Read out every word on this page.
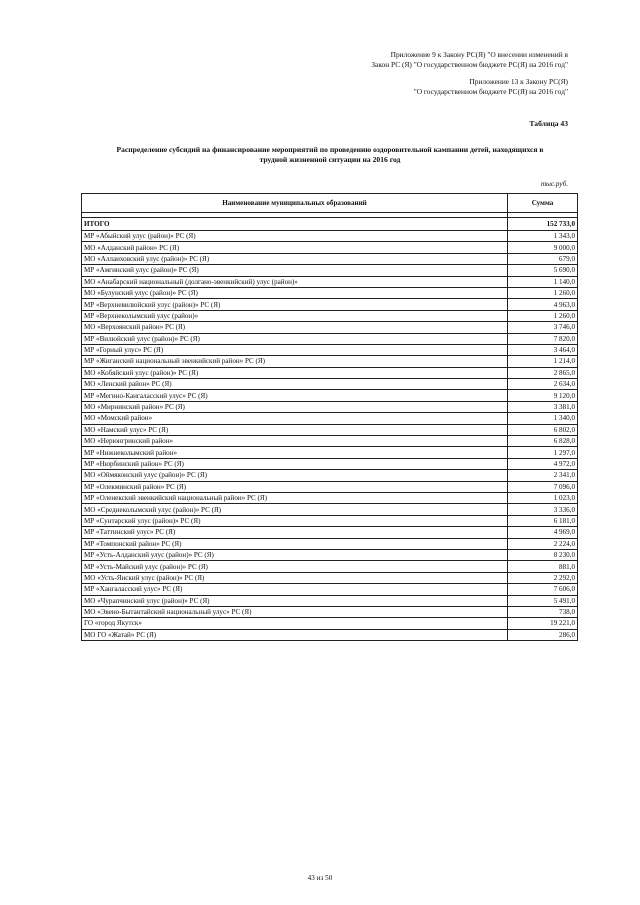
Приложение 9 к Закону РС(Я) "О внесении изменений в
Закон РС (Я) "О государственном бюджете РС(Я) на 2016 год"
Приложение 13 к Закону РС(Я)
"О государственном бюджете РС(Я) на 2016 год"
Таблица 43
Распределение субсидий на финансирование мероприятий по проведению оздоровительной кампании детей, находящихся в
трудной жизненной ситуации на 2016 год
тыс.руб.
Наименование муниципальных образований	Сумма

ИТОГО	152 733,0
МР «Абыйский улус (район)» РС (Я)	1 343,0
МО «Алданский район» РС (Я)	9 000,0
МО «Аллаиховский улус (район)» РС (Я)	679,0
МР «Амгинский улус (район)» РС (Я)	5 690,0
МО «Анабарский национальный (долгано-эвенкийский) улус (район)»	1 140,0
МО «Булунский улус (район)» РС (Я)	1 260,0
МР «Верхневилюйский улус (район)» РС (Я)	4 963,0
МР «Верхнеколымский улус (район)»	1 260,0
МО «Верхоянский район» РС (Я)	3 746,0
МР «Вилюйский улус (район)» РС (Я)	7 820,0
МР «Горный улус» РС (Я)	3 464,0
МР «Жиганский национальный эвенкийский район» РС (Я)	1 214,0
МО «Кобяйский улус (район)» РС (Я)	2 865,0
МО «Ленский район» РС (Я)	2 634,0
МР «Мегино-Кангаласский улус» РС (Я)	9 120,0
МО «Мирнинский район» РС (Я)	3 381,0
МО «Момский район»	1 340,0
МО «Намский улус» РС (Я)	6 802,0
МО «Нерюнгринский район»	6 828,0
МР «Нижнеколымский район»	1 297,0
МР «Нюрбинский район» РС (Я)	4 972,0
МО «Оймяконский улус (район)» РС (Я)	2 341,0
МР «Олекминский район» РС (Я)	7 096,0
МР «Оленекский эвенкийский национальный район» РС (Я)	1 023,0
МО «Среднеколымский улус (район)» РС (Я)	3 336,0
МР «Сунтарский улус (район)» РС (Я)	6 181,0
МР «Таттинский улус» РС (Я)	4 969,0
МР «Томпонский район» РС (Я)	2 224,0
МР «Усть-Алданский улус (район)» РС (Я)	8 230,0
МР «Усть-Майский улус (район)» РС (Я)	881,0
МО «Усть-Янский улус (район)» РС (Я)	2 292,0
МР «Хангаласский улус» РС (Я)	7 606,0
МО «Чурапчинский улус (район)» РС (Я)	5 491,0
МО «Эвено-Бытантайский национальный улус» РС (Я)	738,0
ГО «город Якутск»	19 221,0
МО ГО «Жатай» РС (Я)	286,0
43 из 50
